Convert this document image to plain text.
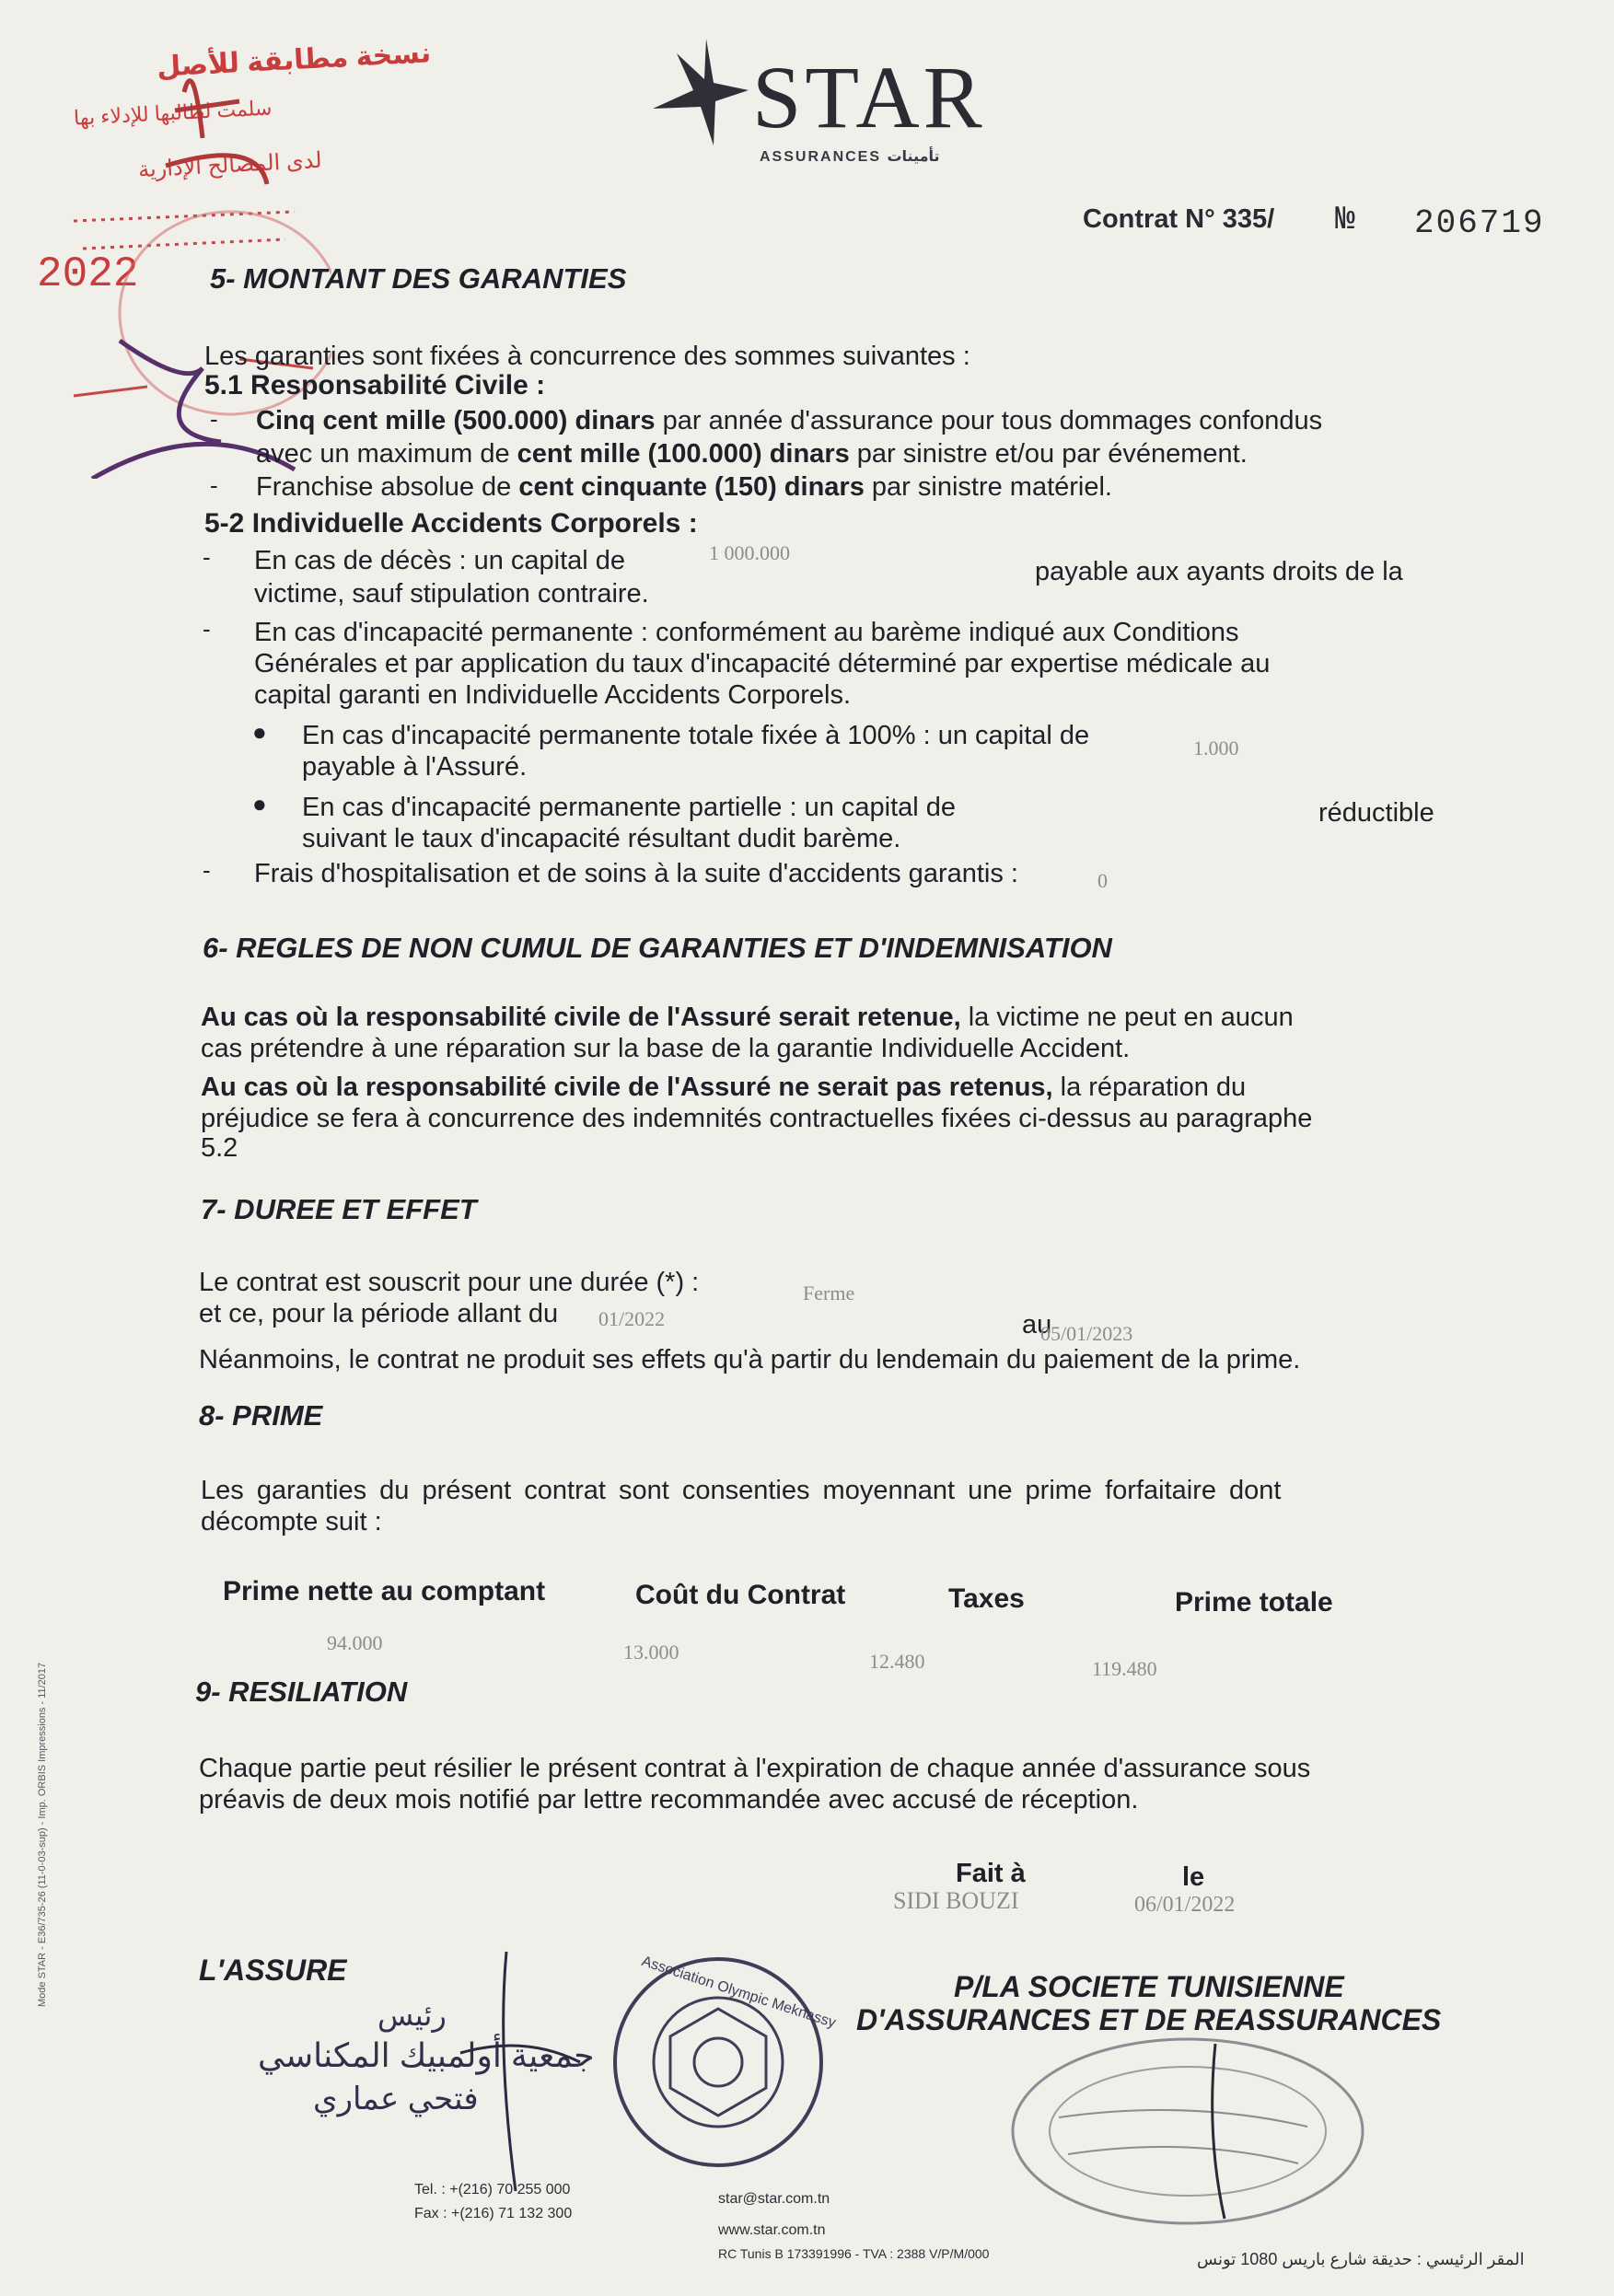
STAR
ASSURANCES تأمينات
Contrat N° 335/ № 206719
نسخة مطابقة للأصل
سلمت لطالبها للإدلاء بها
لدى المصالح الإدارية
2022	5- MONTANT DES GARANTIES
Les garanties sont fixées à concurrence des sommes suivantes :
5.1 Responsabilité Civile :
- Cinq cent mille (500.000) dinars par année d'assurance pour tous dommages confondus
avec un maximum de cent mille (100.000) dinars par sinistre et/ou par événement.
- Franchise absolue de cent cinquante (150) dinars par sinistre matériel.
5-2 Individuelle Accidents Corporels :
- En cas de décès : un capital de	1 000.000
payable aux ayants droits de la
victime, sauf stipulation contraire.
- En cas d'incapacité permanente : conformément au barème indiqué aux Conditions
Générales et par application du taux d'incapacité déterminé par expertise médicale au
capital garanti en Individuelle Accidents Corporels.
● En cas d'incapacité permanente totale fixée à 100% : un capital de	1.000
payable à l'Assuré.
● En cas d'incapacité permanente partielle : un capital de	réductible
suivant le taux d'incapacité résultant dudit barème.
- Frais d'hospitalisation et de soins à la suite d'accidents garantis :	0
6- REGLES DE NON CUMUL DE GARANTIES ET D'INDEMNISATION
Au cas où la responsabilité civile de l'Assuré serait retenue, la victime ne peut en aucun
cas prétendre à une réparation sur la base de la garantie Individuelle Accident.
Au cas où la responsabilité civile de l'Assuré ne serait pas retenus, la réparation du
préjudice se fera à concurrence des indemnités contractuelles fixées ci-dessus au paragraphe
5.2
7- DUREE ET EFFET
Le contrat est souscrit pour une durée (*) :	Ferme
et ce, pour la période allant du 01/2022	au
05/01/2023
Néanmoins, le contrat ne produit ses effets qu'à partir du lendemain du paiement de la prime.
8- PRIME
Les garanties du présent contrat sont consenties moyennant une prime forfaitaire dont
décompte suit :
Prime nette au comptant	Coût du Contrat	Taxes	Prime totale
94.000	13.000	12.480	119.480
9- RESILIATION
Chaque partie peut résilier le présent contrat à l'expiration de chaque année d'assurance sous
préavis de deux mois notifié par lettre recommandée avec accusé de réception.
Fait à
SIDI BOUZI
le
06/01/2022
L'ASSURE	P/LA SOCIETE TUNISIENNE
D'ASSURANCES ET DE REASSURANCES
رئيس
جمعية أولمبيك المكناسي
فتحي عماري
Association Olympic Meknassy
Tel. : +(216) 70 255 000
Fax : +(216) 71 132 300
star@star.com.tn
www.star.com.tn
RC Tunis B 173391996 - TVA : 2388 V/P/M/000	المقر الرئيسي : حديقة شارع باريس 1080 تونس
Mode STAR - E36/735-26 (11-0-03-sup) - Imp. ORBIS Impressions - 11/2017
